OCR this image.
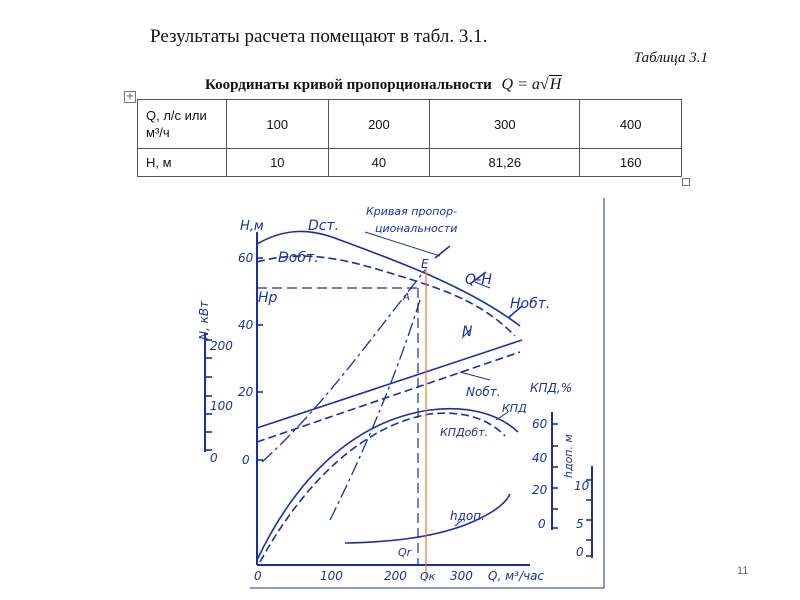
Результаты расчета помещают в табл. 3.1.
Таблица 3.1
Координаты кривой пропорциональности Q = a√H
+
Q, л/с или
м³/ч	100	200	300	400
H, м	10	40	81,26	160
H,м	Dст.
Dобт.
Кривая пропор-
циональности
E
A
Hр
Q-H
Hобт.
N
Nобт.
КПД
КПДобт.
hдоп.
Qr
Qк	Q, м³/час
КПД,%
N, кВт
hдоп. м
60
40
20
0
200
100
0
0	100	200	300
60
40
20
0
10
5
0
11
